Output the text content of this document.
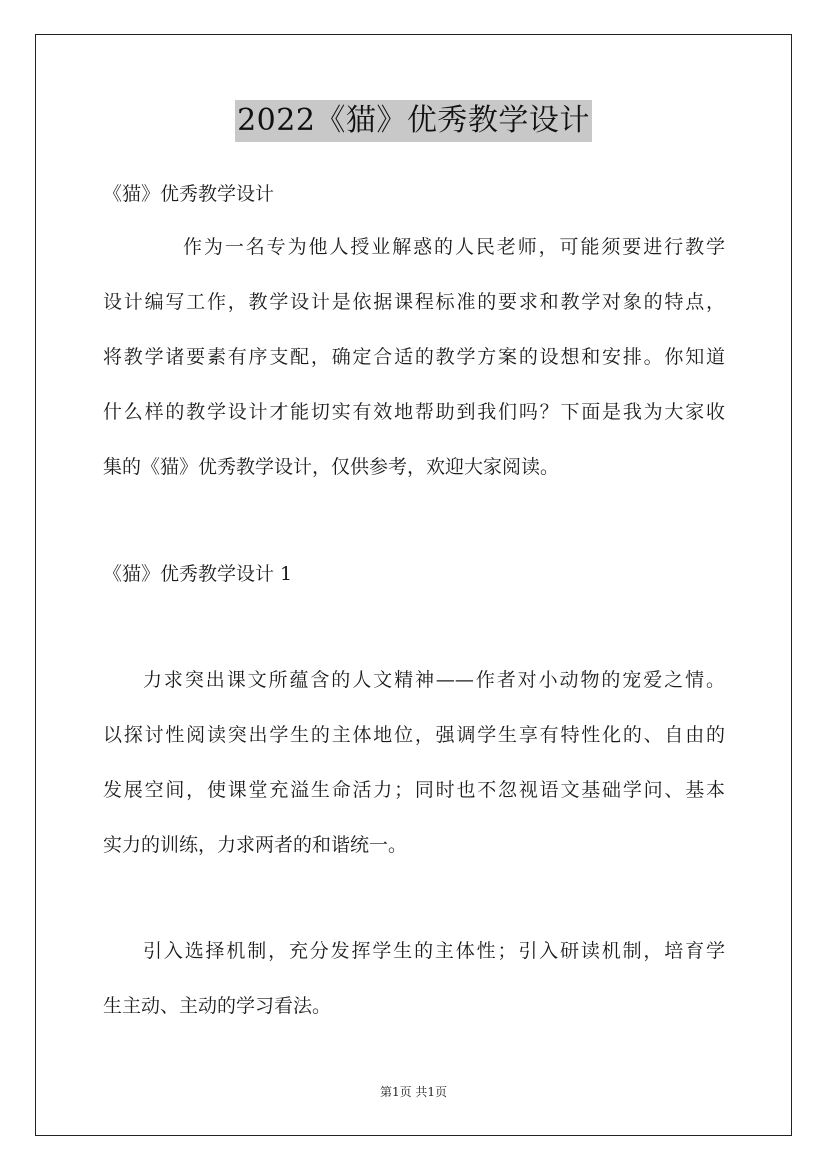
2022《猫》优秀教学设计
《猫》优秀教学设计
作为一名专为他人授业解惑的人民老师，可能须要进行教学
设计编写工作，教学设计是依据课程标准的要求和教学对象的特点，
将教学诸要素有序支配，确定合适的教学方案的设想和安排。你知道
什么样的教学设计才能切实有效地帮助到我们吗？下面是我为大家收
集的《猫》优秀教学设计，仅供参考，欢迎大家阅读。
《猫》优秀教学设计 1
力求突出课文所蕴含的人文精神——作者对小动物的宠爱之情。
以探讨性阅读突出学生的主体地位，强调学生享有特性化的、自由的
发展空间，使课堂充溢生命活力；同时也不忽视语文基础学问、基本
实力的训练，力求两者的和谐统一。
引入选择机制，充分发挥学生的主体性；引入研读机制，培育学
生主动、主动的学习看法。
第1页 共1页
